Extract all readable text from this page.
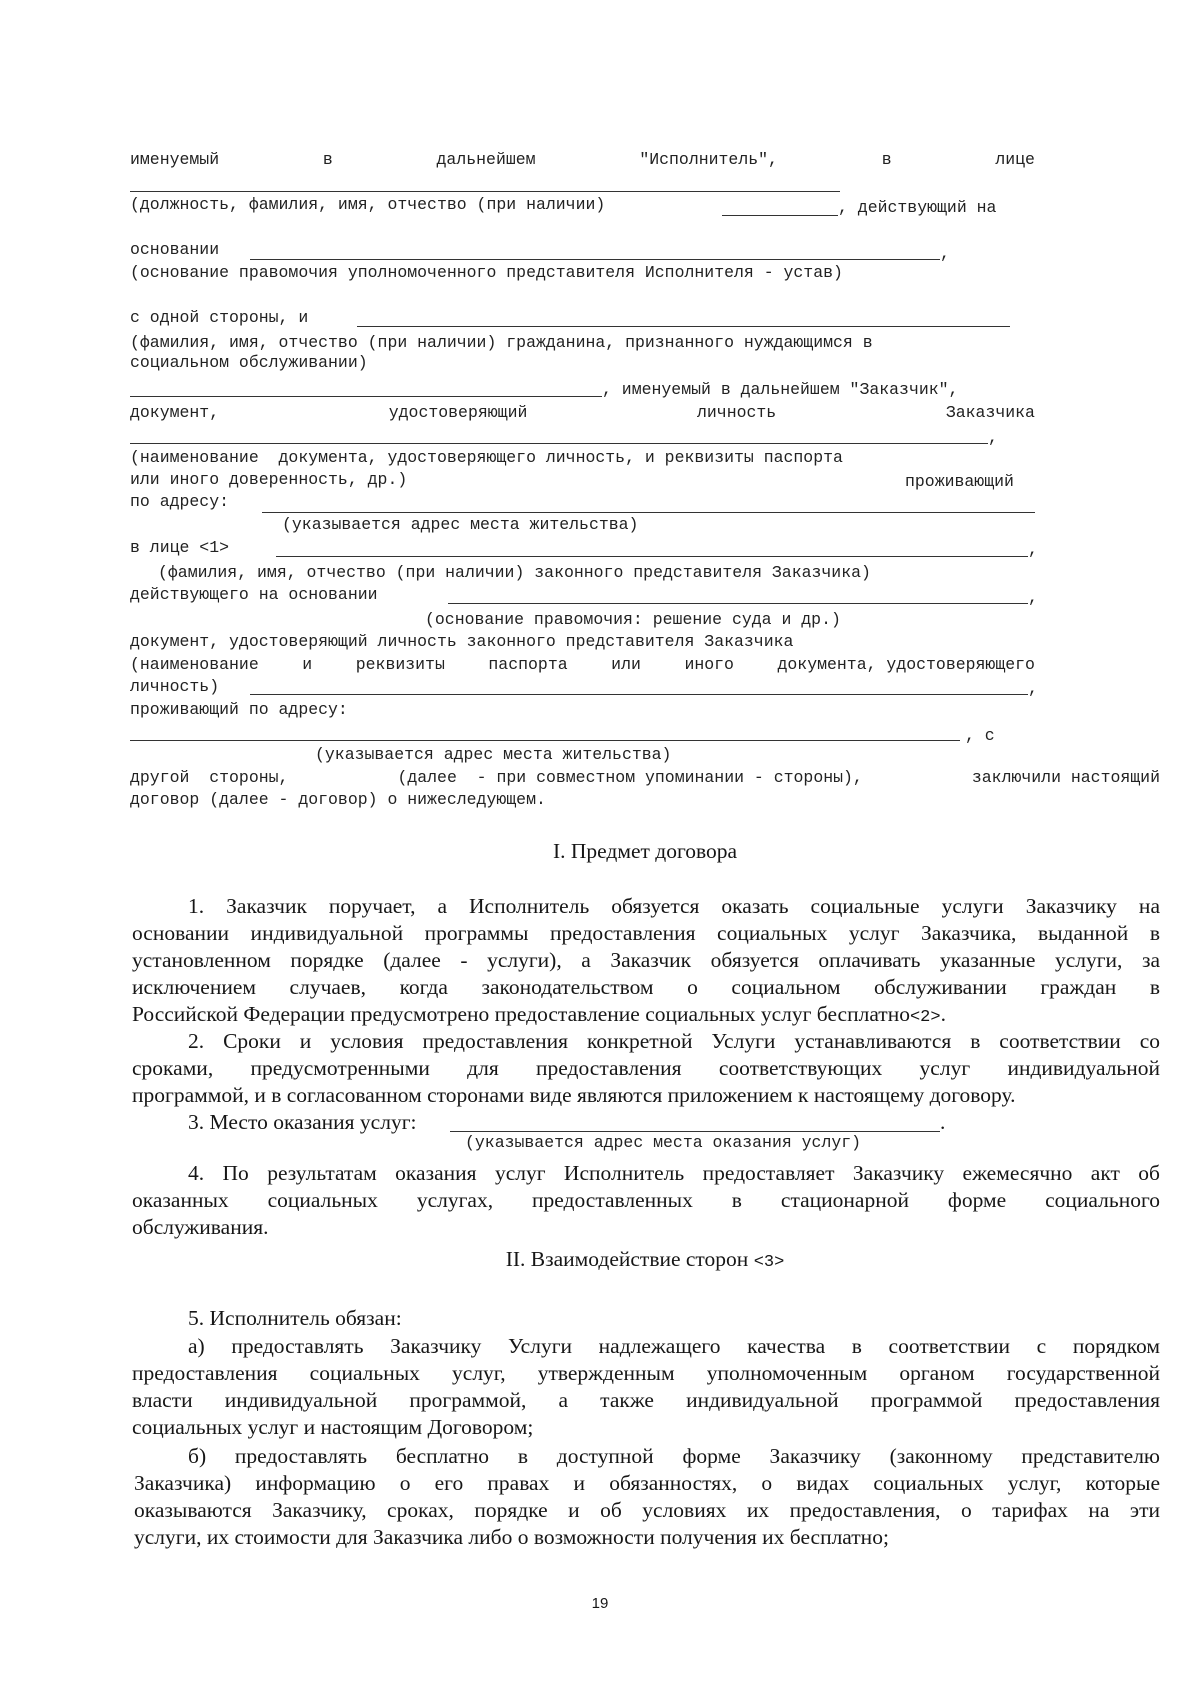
именуемый	в	дальнейшем	"Исполнитель",	в	лице
(должность, фамилия, имя, отчество (при наличии)	, действующий на
основании	,
(основание правомочия уполномоченного представителя Исполнителя - устав)
с одной стороны, и
(фамилия, имя, отчество (при наличии) гражданина, признанного нуждающимся в
социальном обслуживании)
, именуемый в дальнейшем "Заказчик",
документ,	удостоверяющий	личность	Заказчика
,
(наименование  документа, удостоверяющего личность, и реквизиты паспорта
или иного доверенность, др.)	проживающий
по адресу:
(указывается адрес места жительства)
в лице <1>	,
(фамилия, имя, отчество (при наличии) законного представителя Заказчика)
действующего на основании	,
(основание правомочия: решение суда и др.)
документ, удостоверяющий личность законного представителя Заказчика
(наименование	и	реквизиты	паспорта	или	иного	документа, удостоверяющего
личность)	,
проживающий по адресу:
, с
(указывается адрес места жительства)
другой  стороны,	(далее  - при совместном упоминании - стороны),	заключили настоящий
договор (далее - договор) о нижеследующем.
I. Предмет договора
1. Заказчик поручает, а Исполнитель обязуется оказать социальные услуги Заказчику на
основании индивидуальной программы предоставления социальных услуг Заказчика, выданной в
установленном порядке (далее - услуги), а Заказчик обязуется оплачивать указанные услуги, за
исключением случаев, когда законодательством о социальном обслуживании граждан в
Российской Федерации предусмотрено предоставление социальных услуг бесплатно<2>.
2. Сроки и условия предоставления конкретной Услуги устанавливаются в соответствии со
сроками, предусмотренными для предоставления соответствующих услуг индивидуальной
программой, и в согласованном сторонами виде являются приложением к настоящему договору.
3. Место оказания услуг:	.
(указывается адрес места оказания услуг)
4. По результатам оказания услуг Исполнитель предоставляет Заказчику ежемесячно акт об
оказанных социальных услугах, предоставленных в стационарной форме социального
обслуживания.
II. Взаимодействие сторон <3>
5. Исполнитель обязан:
а) предоставлять Заказчику Услуги надлежащего качества в соответствии с порядком
предоставления социальных услуг, утвержденным уполномоченным органом государственной
власти индивидуальной программой, а также индивидуальной программой предоставления
социальных услуг и настоящим Договором;
б) предоставлять бесплатно в доступной форме Заказчику (законному представителю
Заказчика) информацию о его правах и обязанностях, о видах социальных услуг, которые
оказываются Заказчику, сроках, порядке и об условиях их предоставления, о тарифах на эти
услуги, их стоимости для Заказчика либо о возможности получения их бесплатно;
19
